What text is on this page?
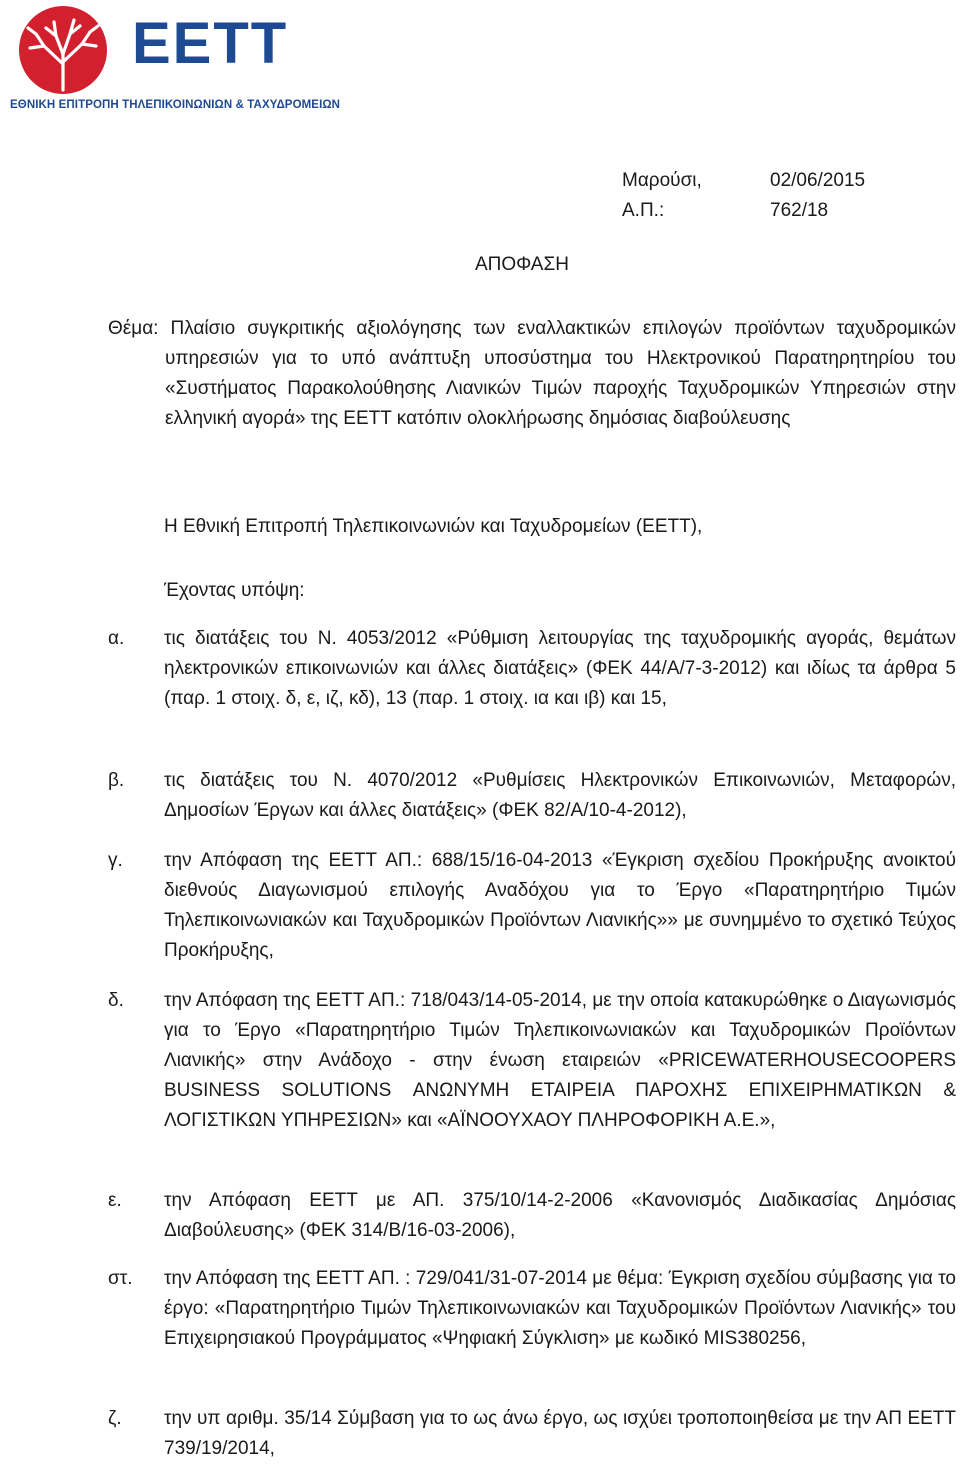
ΕΕΤΤ
ΕΘΝΙΚΗ ΕΠΙΤΡΟΠΗ ΤΗΛΕΠΙΚΟΙΝΩΝΙΩΝ & ΤΑΧΥΔΡΟΜΕΙΩΝ
Μαρούσι,	02/06/2015
Α.Π.:	762/18
ΑΠΟΦΑΣΗ
Θέμα: Πλαίσιο συγκριτικής αξιολόγησης των εναλλακτικών επιλογών προϊόντων ταχυδρομικών υπηρεσιών για το υπό ανάπτυξη υποσύστημα του Ηλεκτρονικού Παρατηρητηρίου του «Συστήματος Παρακολούθησης Λιανικών Τιμών παροχής Ταχυδρομικών Υπηρεσιών στην ελληνική αγορά» της ΕΕΤΤ κατόπιν ολοκλήρωσης δημόσιας διαβούλευσης
Η Εθνική Επιτροπή Τηλεπικοινωνιών και Ταχυδρομείων (ΕΕΤΤ),
Έχοντας υπόψη:
α.	τις διατάξεις του Ν. 4053/2012 «Ρύθμιση λειτουργίας της ταχυδρομικής αγοράς, θεμάτων ηλεκτρονικών επικοινωνιών και άλλες διατάξεις» (ΦΕΚ 44/Α/7-3-2012) και ιδίως τα άρθρα 5 (παρ. 1 στοιχ. δ, ε, ιζ, κδ), 13 (παρ. 1 στοιχ. ια και ιβ) και 15,
β.	τις διατάξεις του Ν. 4070/2012 «Ρυθμίσεις Ηλεκτρονικών Επικοινωνιών, Μεταφορών, Δημοσίων Έργων και άλλες διατάξεις» (ΦΕΚ 82/Α/10-4-2012),
γ.	την Απόφαση της ΕΕΤΤ ΑΠ.: 688/15/16-04-2013 «Έγκριση σχεδίου Προκήρυξης ανοικτού διεθνούς Διαγωνισμού επιλογής Αναδόχου για το Έργο «Παρατηρητήριο Τιμών Τηλεπικοινωνιακών και Ταχυδρομικών Προϊόντων Λιανικής»» με συνημμένο το σχετικό Τεύχος Προκήρυξης,
δ.	την Απόφαση της ΕΕΤΤ ΑΠ.: 718/043/14-05-2014, με την οποία κατακυρώθηκε ο Διαγωνισμός για το Έργο «Παρατηρητήριο Τιμών Τηλεπικοινωνιακών και Ταχυδρομικών Προϊόντων Λιανικής» στην Ανάδοχο - στην ένωση εταιρειών «PRICEWATERHOUSECOOPERS BUSINESS SOLUTIONS ΑΝΩΝΥΜΗ ΕΤΑΙΡΕΙΑ ΠΑΡΟΧΗΣ ΕΠΙΧΕΙΡΗΜΑΤΙΚΩΝ & ΛΟΓΙΣΤΙΚΩΝ ΥΠΗΡΕΣΙΩΝ» και «ΑΪΝΟΟΥΧΑΟΥ ΠΛΗΡΟΦΟΡΙΚΗ Α.Ε.»,
ε.	την Απόφαση ΕΕΤΤ με ΑΠ. 375/10/14-2-2006 «Κανονισμός Διαδικασίας Δημόσιας Διαβούλευσης» (ΦΕΚ 314/Β/16-03-2006),
στ.	την Απόφαση της ΕΕΤΤ ΑΠ. : 729/041/31-07-2014 με θέμα: Έγκριση σχεδίου σύμβασης για το έργο: «Παρατηρητήριο Τιμών Τηλεπικοινωνιακών και Ταχυδρομικών Προϊόντων Λιανικής» του Επιχειρησιακού Προγράμματος «Ψηφιακή Σύγκλιση» με κωδικό MIS380256,
ζ.	την υπ αριθμ. 35/14 Σύμβαση για το ως άνω έργο, ως ισχύει τροποποιηθείσα με την ΑΠ ΕΕΤΤ 739/19/2014,
